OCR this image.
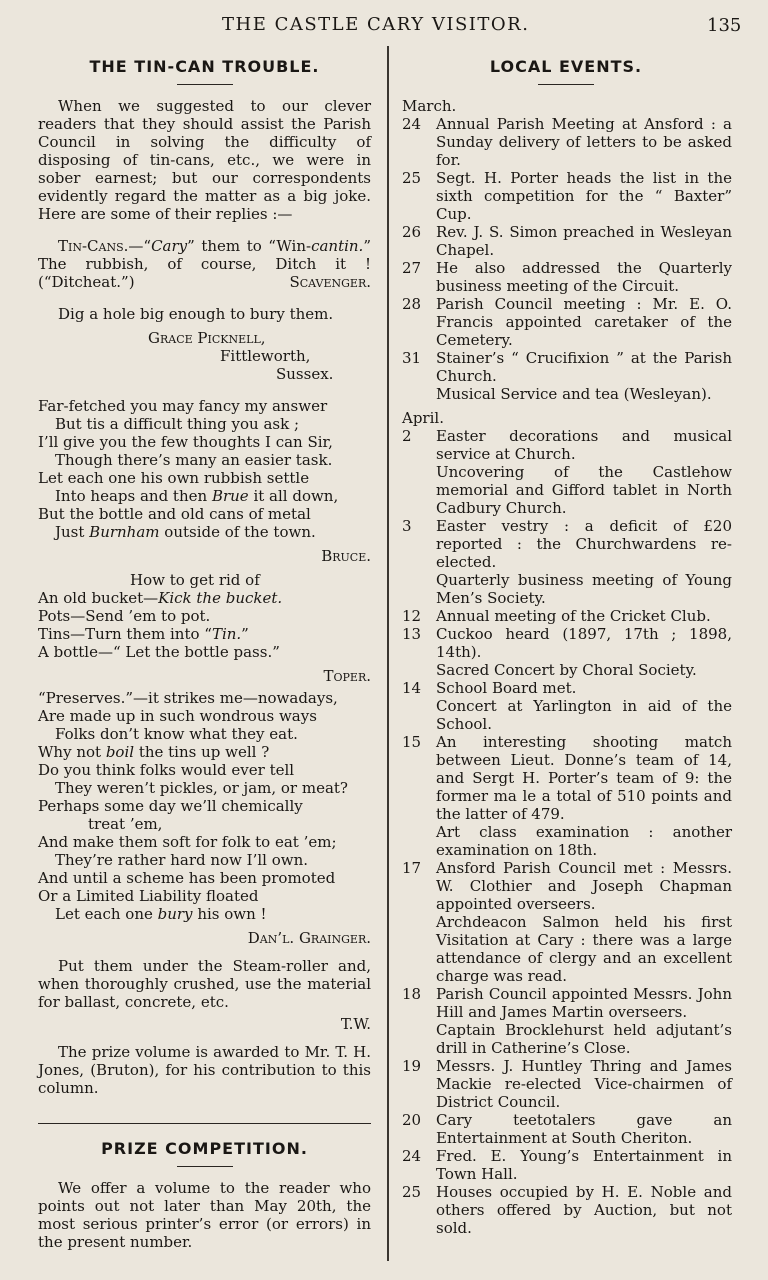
THE CASTLE CARY VISITOR.	135
THE TIN-CAN TROUBLE.

When we suggested to our clever readers that they should assist the Parish Council in solving the difficulty of disposing of tin-cans, etc., we were in sober earnest; but our correspondents evidently regard the matter as a big joke. Here are some of their replies :—

Tin-Cans.—“Cary” them to “Win-cantin.” The rubbish, of course, Ditch it ! (“Ditcheat.”)	Scavenger.

Dig a hole big enough to bury them.

Grace Picknell,

Fittleworth,

Sussex.

Far-fetched you may fancy my answer

But tis a difficult thing you ask ;

I’ll give you the few thoughts I can Sir,

Though there’s many an easier task.

Let each one his own rubbish settle

Into heaps and then Brue it all down,

But the bottle and old cans of metal

Just Burnham outside of the town.

Bruce.

How to get rid of

An old bucket—Kick the bucket.

Pots—Send ’em to pot.

Tins—Turn them into “Tin.”

A bottle—“ Let the bottle pass.”

Toper.

“Preserves.”—it strikes me—nowadays,

Are made up in such wondrous ways

Folks don’t know what they eat.

Why not boil the tins up well ?

Do you think folks would ever tell

They weren’t pickles, or jam, or meat?

Perhaps some day we’ll chemically

treat ’em,

And make them soft for folk to eat ’em;

They’re rather hard now I’ll own.

And until a scheme has been promoted

Or a Limited Liability floated

Let each one bury his own !

Dan’l. Grainger.

Put them under the Steam-roller and, when thoroughly crushed, use the material for ballast, concrete, etc.

T.W.

The prize volume is awarded to Mr. T. H. Jones, (Bruton), for his contribution to this column.

PRIZE COMPETITION.

We offer a volume to the reader who points out not later than May 20th, the most serious printer’s error (or errors) in the present number.

LOCAL EVENTS.

March.

24 Annual Parish Meeting at Ansford : a Sunday delivery of letters to be asked for.
25 Segt. H. Porter heads the list in the sixth competition for the “ Baxter” Cup.
26 Rev. J. S. Simon preached in Wesleyan Chapel.
27 He also addressed the Quarterly business meeting of the Circuit.
28 Parish Council meeting : Mr. E. O. Francis appointed caretaker of the Cemetery.
31 Stainer’s “ Crucifixion ” at the Parish Church.

Musical Service and tea (Wesleyan).

April.

2	Easter decorations and musical service at Church.

Uncovering of the Castlehow memorial and Gifford tablet in North Cadbury Church.

3	Easter vestry : a deficit of £20 reported : the Churchwardens re-elected.

Quarterly business meeting of Young Men’s Society.

12 Annual meeting of the Cricket Club.
13 Cuckoo heard (1897, 17th ; 1898, 14th).

Sacred Concert by Choral Society.

14 School Board met.

Concert at Yarlington in aid of the School.

15 An interesting shooting match between Lieut. Donne’s team of 14, and Sergt H. Porter’s team of 9: the former ma le a total of 510 points and the latter of 479.

Art class examination : another examination on 18th.

17 Ansford Parish Council met : Messrs. W. Clothier and Joseph Chapman appointed overseers.

Archdeacon Salmon held his first Visitation at Cary : there was a large attendance of clergy and an excellent charge was read.

18 Parish Council appointed Messrs. John Hill and James Martin overseers.

Captain Brocklehurst held adjutant’s drill in Catherine’s Close.

19 Messrs. J. Huntley Thring and James Mackie re-elected Vice-chairmen of District Council.
20 Cary teetotalers gave an Entertainment at South Cheriton.
24 Fred. E. Young’s Entertainment in Town Hall.
25 Houses occupied by H. E. Noble and others offered by Auction, but not sold.
